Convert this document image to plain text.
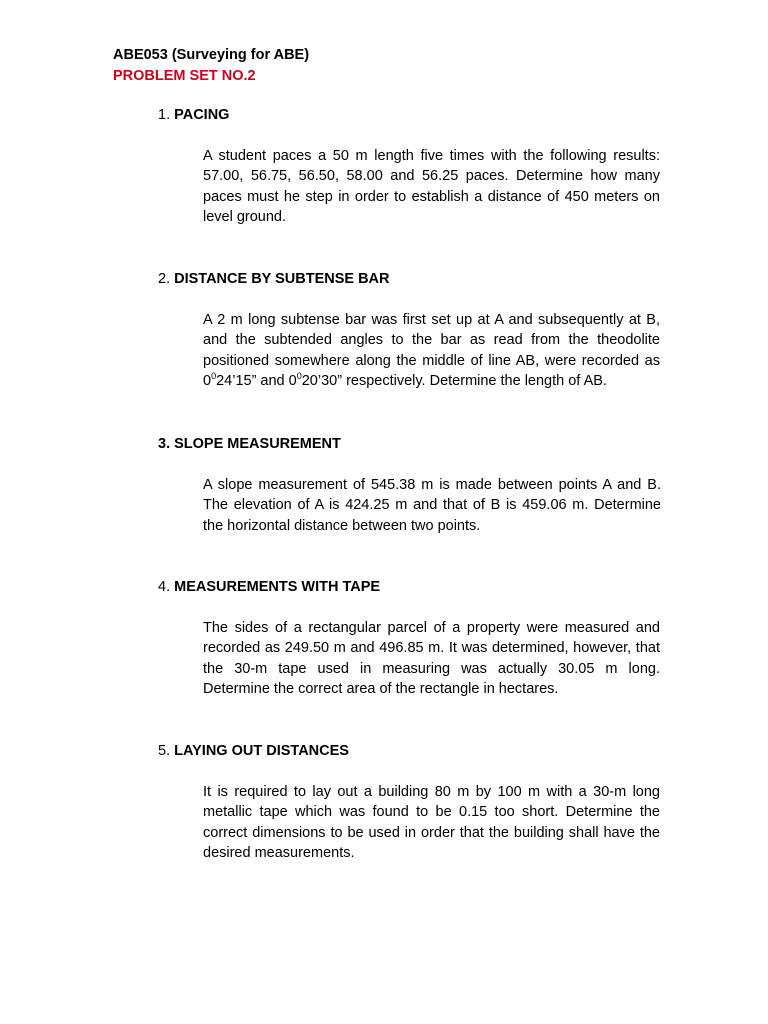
ABE053 (Surveying for ABE)
PROBLEM SET NO.2

1. PACING

A student paces a 50 m length five times with the following results: 57.00, 56.75, 56.50, 58.00 and 56.25 paces. Determine how many paces must he step in order to establish a distance of 450 meters on level ground.

2. DISTANCE BY SUBTENSE BAR

A 2 m long subtense bar was first set up at A and subsequently at B, and the subtended angles to the bar as read from the theodolite positioned somewhere along the middle of line AB, were recorded as $0^024’15$” and $0^020’30$” respectively. Determine the length of AB.

3. SLOPE MEASUREMENT

A slope measurement of 545.38 m is made between points A and B. The elevation of A is 424.25 m and that of B is 459.06 m. Determine the horizontal distance between two points.

4. MEASUREMENTS WITH TAPE

The sides of a rectangular parcel of a property were measured and recorded as 249.50 m and 496.85 m. It was determined, however, that the 30-m tape used in measuring was actually 30.05 m long. Determine the correct area of the rectangle in hectares.

5. LAYING OUT DISTANCES

It is required to lay out a building 80 m by 100 m with a 30-m long metallic tape which was found to be 0.15 too short. Determine the correct dimensions to be used in order that the building shall have the desired measurements.
